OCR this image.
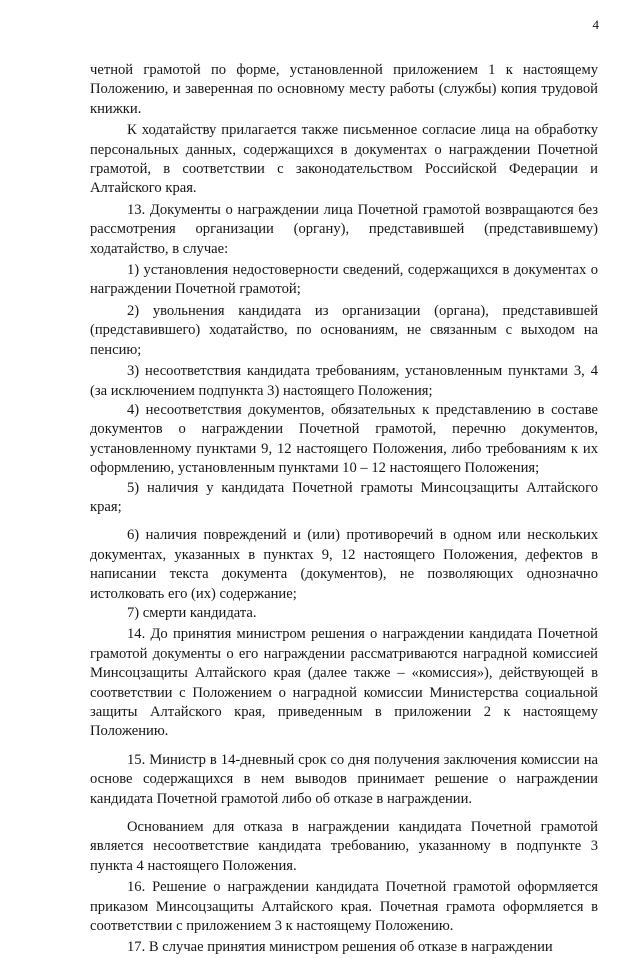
4

четной грамотой по форме, установленной приложением 1 к настоящему Положению, и заверенная по основному месту работы (службы) копия трудовой книжки.

К ходатайству прилагается также письменное согласие лица на обработку персональных данных, содержащихся в документах о награждении Почетной грамотой, в соответствии с законодательством Российской Федерации и Алтайского края.

13. Документы о награждении лица Почетной грамотой возвращаются без рассмотрения организации (органу), представившей (представившему) ходатайство, в случае:

1) установления недостоверности сведений, содержащихся в документах о награждении Почетной грамотой;

2) увольнения кандидата из организации (органа), представившей (представившего) ходатайство, по основаниям, не связанным с выходом на пенсию;

3) несоответствия кандидата требованиям, установленным пунктами 3, 4 (за исключением подпункта 3) настоящего Положения;

4) несоответствия документов, обязательных к представлению в составе документов о награждении Почетной грамотой, перечню документов, установленному пунктами 9, 12 настоящего Положения, либо требованиям к их оформлению, установленным пунктами 10 – 12 настоящего Положения;

5) наличия у кандидата Почетной грамоты Минсоцзащиты Алтайского края;

6) наличия повреждений и (или) противоречий в одном или нескольких документах, указанных в пунктах 9, 12 настоящего Положения, дефектов в написании текста документа (документов), не позволяющих однозначно истолковать его (их) содержание;

7) смерти кандидата.

14. До принятия министром решения о награждении кандидата Почетной грамотой документы о его награждении рассматриваются наградной комиссией Минсоцзащиты Алтайского края (далее также – «комиссия»), действующей в соответствии с Положением о наградной комиссии Министерства социальной защиты Алтайского края, приведенным в приложении 2 к настоящему Положению.

15. Министр в 14-дневный срок со дня получения заключения комиссии на основе содержащихся в нем выводов принимает решение о награждении кандидата Почетной грамотой либо об отказе в награждении.

Основанием для отказа в награждении кандидата Почетной грамотой является несоответствие кандидата требованию, указанному в подпункте 3 пункта 4 настоящего Положения.

16. Решение о награждении кандидата Почетной грамотой оформляется приказом Минсоцзащиты Алтайского края. Почетная грамота оформляется в соответствии с приложением 3 к настоящему Положению.

17. В случае принятия министром решения об отказе в награждении
